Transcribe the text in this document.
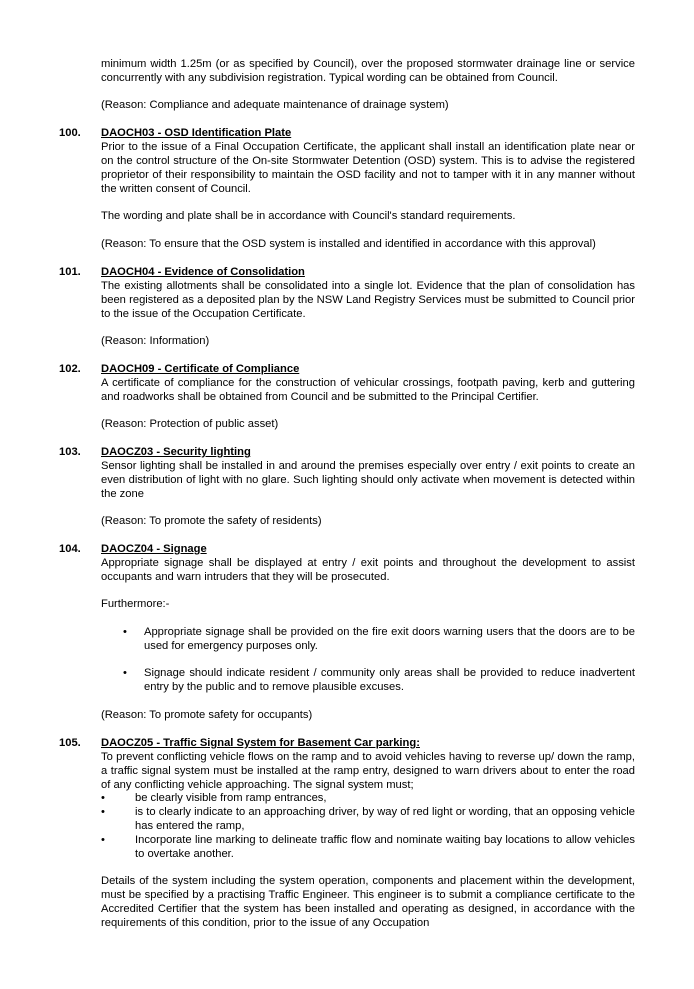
minimum width 1.25m (or as specified by Council), over the proposed stormwater drainage line or service concurrently with any subdivision registration. Typical wording can be obtained from Council.

(Reason: Compliance and adequate maintenance of drainage system)

100. DAOCH03 - OSD Identification Plate

Prior to the issue of a Final Occupation Certificate, the applicant shall install an identification plate near or on the control structure of the On-site Stormwater Detention (OSD) system. This is to advise the registered proprietor of their responsibility to maintain the OSD facility and not to tamper with it in any manner without the written consent of Council.

The wording and plate shall be in accordance with Council's standard requirements.

(Reason: To ensure that the OSD system is installed and identified in accordance with this approval)

101. DAOCH04 - Evidence of Consolidation

The existing allotments shall be consolidated into a single lot. Evidence that the plan of consolidation has been registered as a deposited plan by the NSW Land Registry Services must be submitted to Council prior to the issue of the Occupation Certificate.

(Reason: Information)

102. DAOCH09 - Certificate of Compliance

A certificate of compliance for the construction of vehicular crossings, footpath paving, kerb and guttering and roadworks shall be obtained from Council and be submitted to the Principal Certifier.

(Reason: Protection of public asset)

103. DAOCZ03 - Security lighting

Sensor lighting shall be installed in and around the premises especially over entry / exit points to create an even distribution of light with no glare. Such lighting should only activate when movement is detected within the zone

(Reason: To promote the safety of residents)

104. DAOCZ04 - Signage

Appropriate signage shall be displayed at entry / exit points and throughout the development to assist occupants and warn intruders that they will be prosecuted.

Furthermore:-

• Appropriate signage shall be provided on the fire exit doors warning users that the doors are to be used for emergency purposes only.

• Signage should indicate resident / community only areas shall be provided to reduce inadvertent entry by the public and to remove plausible excuses.

(Reason: To promote safety for occupants)

105. DAOCZ05 - Traffic Signal System for Basement Car parking:

To prevent conflicting vehicle flows on the ramp and to avoid vehicles having to reverse up/ down the ramp, a traffic signal system must be installed at the ramp entry, designed to warn drivers about to enter the road of any conflicting vehicle approaching. The signal system must;

•	be clearly visible from ramp entrances,

•	is to clearly indicate to an approaching driver, by way of red light or wording, that an opposing vehicle has entered the ramp,

•	Incorporate line marking to delineate traffic flow and nominate waiting bay locations to allow vehicles to overtake another.

Details of the system including the system operation, components and placement within the development, must be specified by a practising Traffic Engineer. This engineer is to submit a compliance certificate to the Accredited Certifier that the system has been installed and operating as designed, in accordance with the requirements of this condition, prior to the issue of any Occupation
